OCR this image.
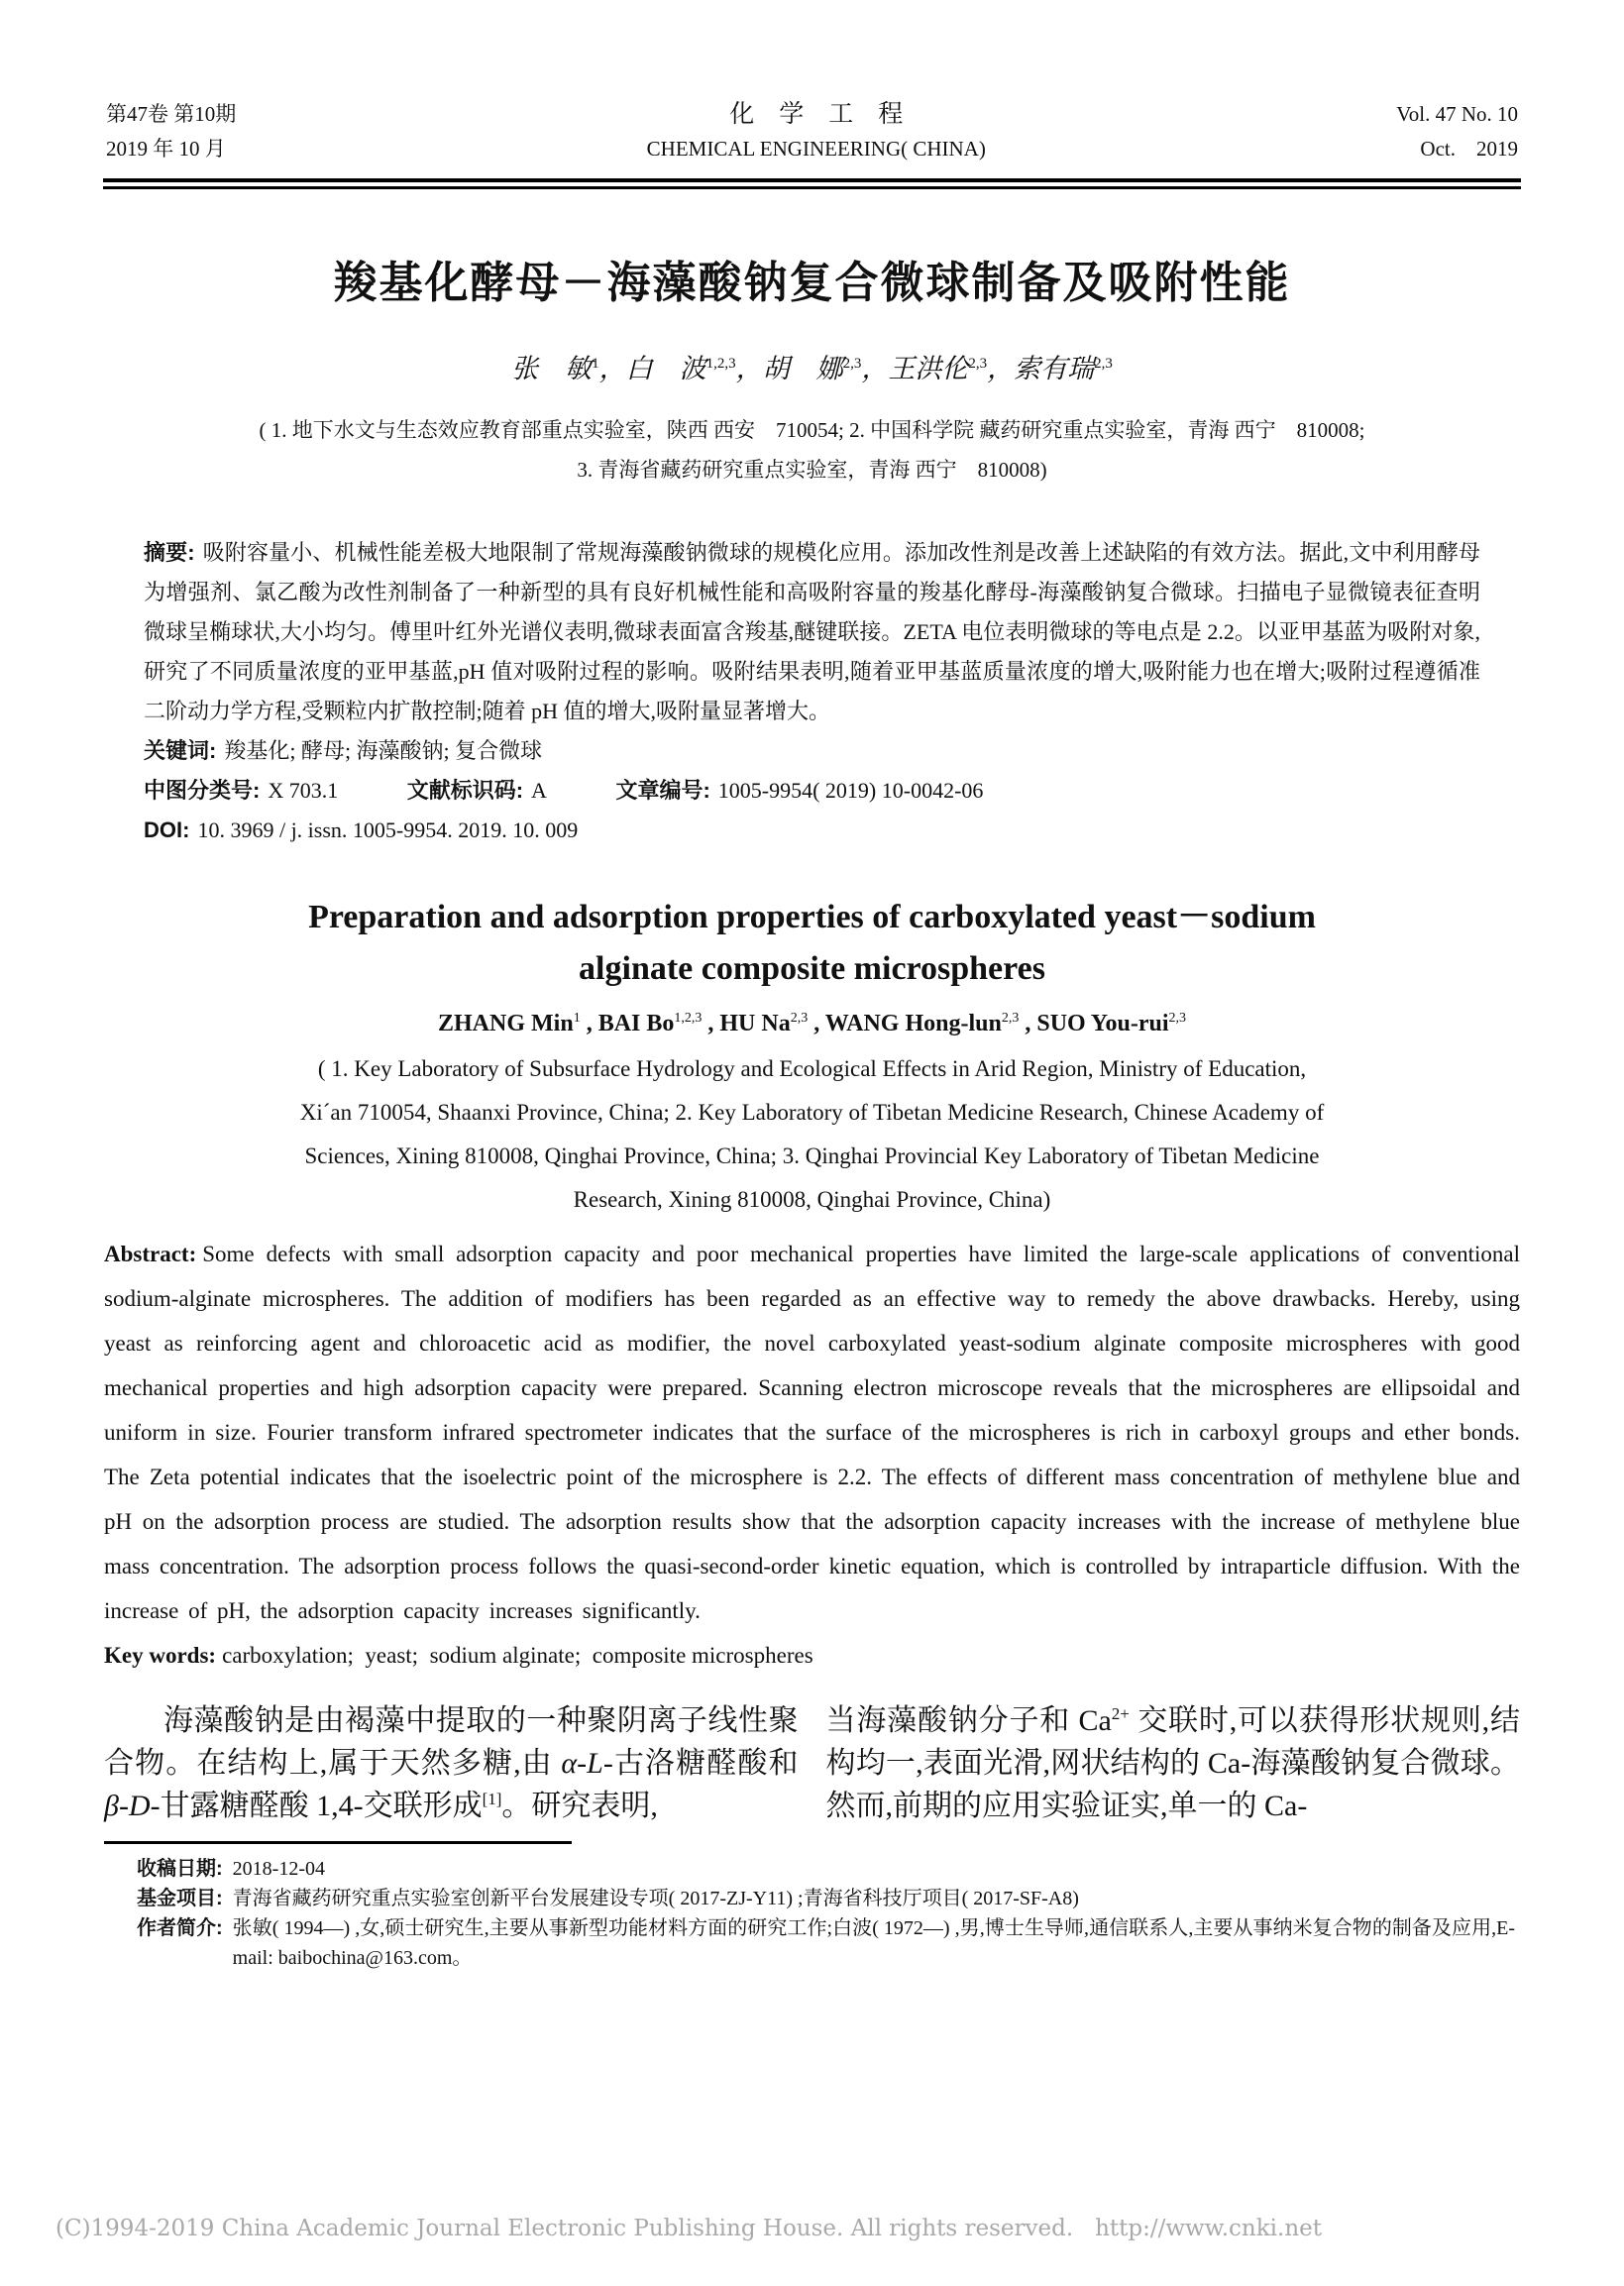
第47卷 第10期
2019 年 10 月
化　学　工　程
CHEMICAL ENGINEERING( CHINA)
Vol. 47 No. 10
Oct.　2019
羧基化酵母－海藻酸钠复合微球制备及吸附性能
张　敏$^1$，白　波$^{1,2,3}$，胡　娜$^{2,3}$，王洪伦$^{2,3}$，索有瑞$^{2,3}$
( 1. 地下水文与生态效应教育部重点实验室，陕西 西安　710054; 2. 中国科学院 藏药研究重点实验室，青海 西宁　810008;
3. 青海省藏药研究重点实验室，青海 西宁　810008)
摘要: 吸附容量小、机械性能差极大地限制了常规海藻酸钠微球的规模化应用。添加改性剂是改善上述缺陷的有效方法。据此,文中利用酵母为增强剂、氯乙酸为改性剂制备了一种新型的具有良好机械性能和高吸附容量的羧基化酵母-海藻酸钠复合微球。扫描电子显微镜表征查明微球呈椭球状,大小均匀。傅里叶红外光谱仪表明,微球表面富含羧基,醚键联接。ZETA 电位表明微球的等电点是 2.2。以亚甲基蓝为吸附对象,研究了不同质量浓度的亚甲基蓝,pH 值对吸附过程的影响。吸附结果表明,随着亚甲基蓝质量浓度的增大,吸附能力也在增大;吸附过程遵循准二阶动力学方程,受颗粒内扩散控制;随着 pH 值的增大,吸附量显著增大。
关键词: 羧基化; 酵母; 海藻酸钠; 复合微球
中图分类号: X 703.1	文献标识码: A	文章编号: 1005-9954( 2019) 10-0042-06
DOI: 10. 3969 / j. issn. 1005-9954. 2019. 10. 009
Preparation and adsorption properties of carboxylated yeast－sodium
alginate composite microspheres
ZHANG Min$^1$ , BAI Bo$^{1,2,3}$ , HU Na$^{2,3}$ , WANG Hong-lun$^{2,3}$ , SUO You-rui$^{2,3}$
( 1. Key Laboratory of Subsurface Hydrology and Ecological Effects in Arid Region, Ministry of Education,
Xi´an 710054, Shaanxi Province, China; 2. Key Laboratory of Tibetan Medicine Research, Chinese Academy of
Sciences, Xining 810008, Qinghai Province, China; 3. Qinghai Provincial Key Laboratory of Tibetan Medicine
Research, Xining 810008, Qinghai Province, China)
Abstract: Some defects with small adsorption capacity and poor mechanical properties have limited the large-scale applications of conventional sodium-alginate microspheres. The addition of modifiers has been regarded as an effective way to remedy the above drawbacks. Hereby, using yeast as reinforcing agent and chloroacetic acid as modifier, the novel carboxylated yeast-sodium alginate composite microspheres with good mechanical properties and high adsorption capacity were prepared. Scanning electron microscope reveals that the microspheres are ellipsoidal and uniform in size. Fourier transform infrared spectrometer indicates that the surface of the microspheres is rich in carboxyl groups and ether bonds. The Zeta potential indicates that the isoelectric point of the microsphere is 2.2. The effects of different mass concentration of methylene blue and pH on the adsorption process are studied. The adsorption results show that the adsorption capacity increases with the increase of methylene blue mass concentration. The adsorption process follows the quasi-second-order kinetic equation, which is controlled by intraparticle diffusion. With the increase of pH, the adsorption capacity increases significantly.
Key words: carboxylation;  yeast;  sodium alginate;  composite microspheres

海藻酸钠是由褐藻中提取的一种聚阴离子线性聚合物。在结构上,属于天然多糖,由 α-L-古洛糖醛酸和 β-D-甘露糖醛酸 1,4-交联形成[1]。研究表明,

当海藻酸钠分子和 $Ca^{2+}$ 交联时,可以获得形状规则,结构均一,表面光滑,网状结构的 Ca-海藻酸钠复合微球。然而,前期的应用实验证实,单一的 Ca-

收稿日期: 2018-12-04
基金项目: 青海省藏药研究重点实验室创新平台发展建设专项( 2017-ZJ-Y11) ;青海省科技厅项目( 2017-SF-A8)
作者简介: 张敏( 1994—) ,女,硕士研究生,主要从事新型功能材料方面的研究工作;白波( 1972—) ,男,博士生导师,通信联系人,主要从事纳米复合物的制备及应用,E-mail: baibochina@163.com。
(C)1994-2019 China Academic Journal Electronic Publishing House. All rights reserved.   http://www.cnki.net
